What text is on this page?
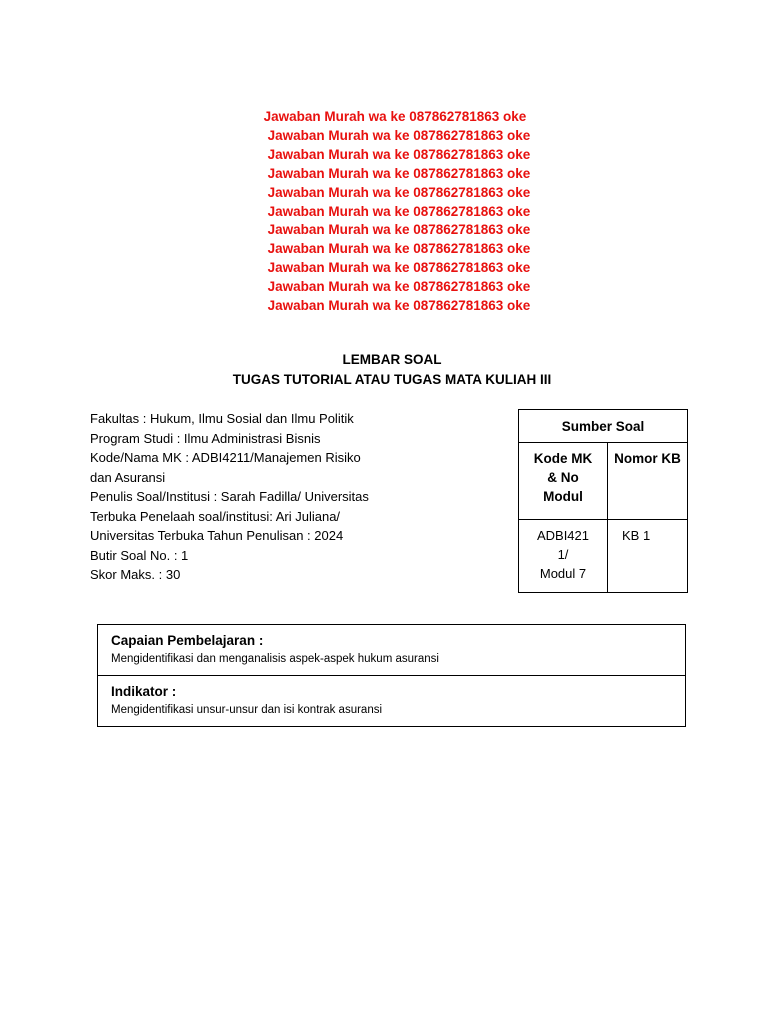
Jawaban Murah wa ke 087862781863 oke
Jawaban Murah wa ke 087862781863 oke
Jawaban Murah wa ke 087862781863 oke
Jawaban Murah wa ke 087862781863 oke
Jawaban Murah wa ke 087862781863 oke
Jawaban Murah wa ke 087862781863 oke
Jawaban Murah wa ke 087862781863 oke
Jawaban Murah wa ke 087862781863 oke
Jawaban Murah wa ke 087862781863 oke
Jawaban Murah wa ke 087862781863 oke
Jawaban Murah wa ke 087862781863 oke
LEMBAR SOAL
TUGAS TUTORIAL ATAU TUGAS MATA KULIAH III
Fakultas : Hukum, Ilmu Sosial dan Ilmu Politik
Program Studi : Ilmu Administrasi Bisnis
Kode/Nama MK : ADBI4211/Manajemen Risiko
dan Asuransi
Penulis Soal/Institusi : Sarah Fadilla/ Universitas
Terbuka Penelaah soal/institusi: Ari Juliana/
Universitas Terbuka Tahun Penulisan : 2024
Butir Soal No. : 1
Skor Maks. : 30
Sumber Soal	

Kode MK
& No
Modul	Nomor KB

ADBI421
1/
Modul 7	KB 1
Capaian Pembelajaran :
Mengidentifikasi dan menganalisis aspek-aspek hukum asuransi
Indikator :
Mengidentifikasi unsur-unsur dan isi kontrak asuransi
